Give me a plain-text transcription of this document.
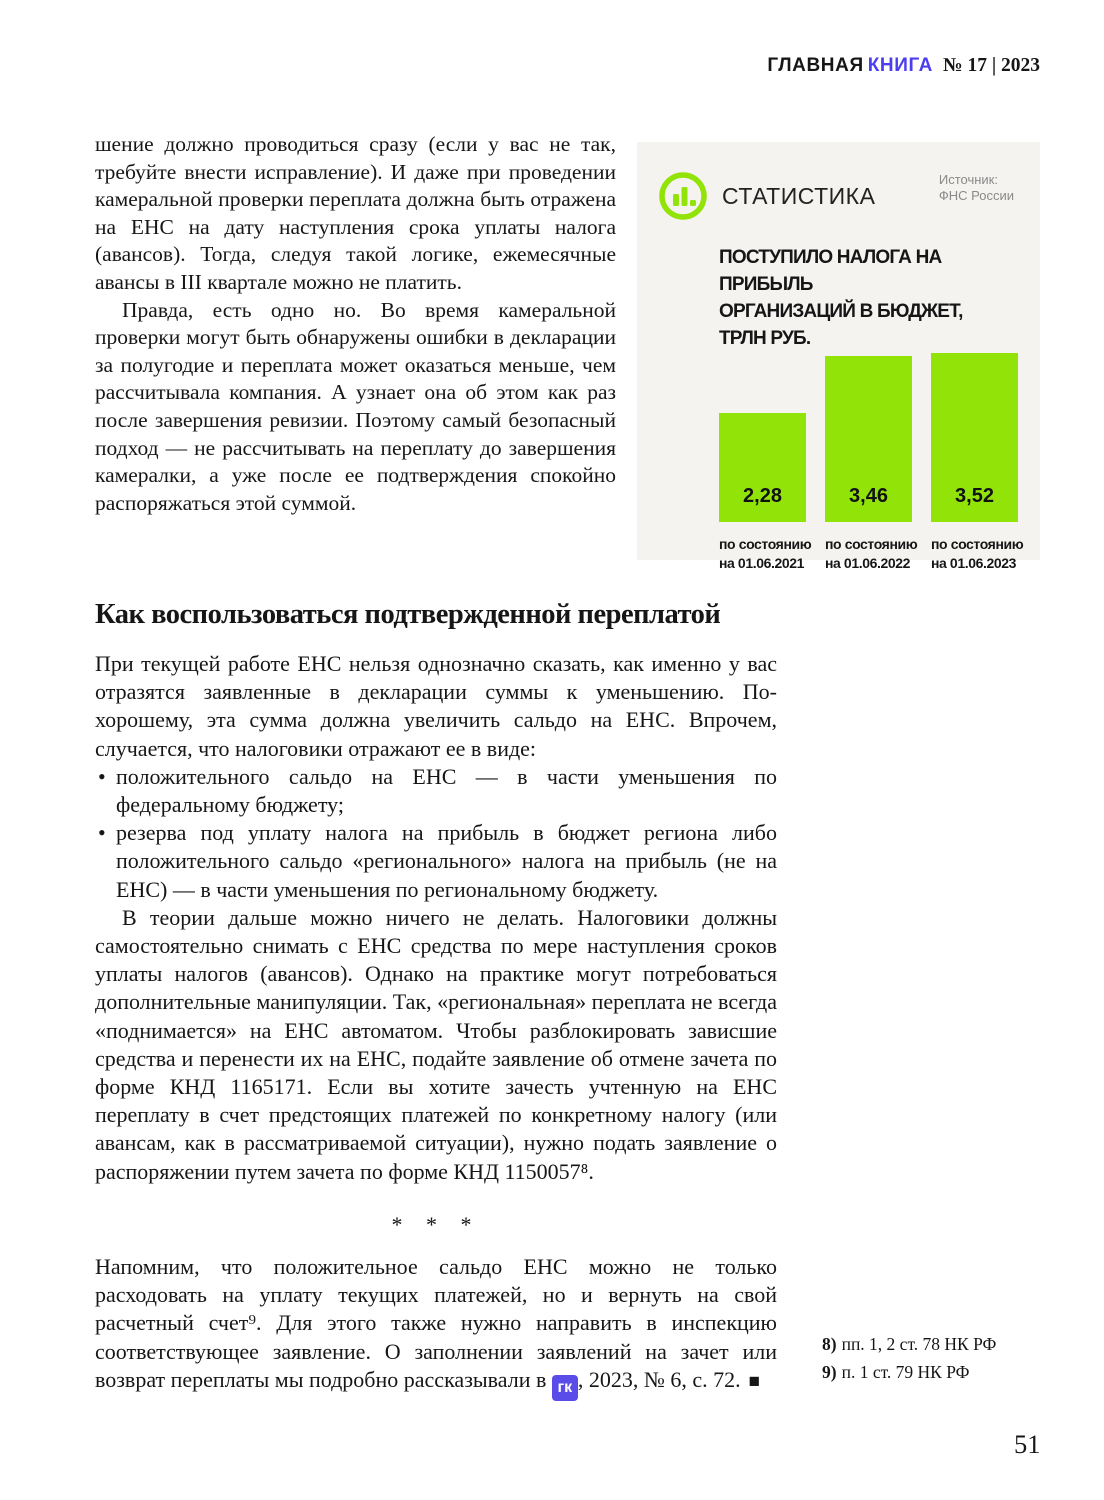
ГЛАВНАЯ КНИГА № 17 | 2023

шение должно проводиться сразу (если у вас не так, требуйте внести исправление). И даже при проведении камеральной проверки переплата должна быть отражена на ЕНС на дату наступления срока уплаты налога (авансов). Тогда, следуя такой логике, ежемесячные авансы в III квартале можно не платить.

Правда, есть одно но. Во время камеральной проверки могут быть обнаружены ошибки в декларации за полугодие и переплата может оказаться меньше, чем рассчитывала компания. А узнает она об этом как раз после завершения ревизии. Поэтому самый безопасный подход — не рассчитывать на переплату до завершения камералки, а уже после ее подтверждения спокойно распоряжаться этой суммой.

СТАТИСТИКА
Источник:
ФНС России
ПОСТУПИЛО НАЛОГА НА ПРИБЫЛЬ
ОРГАНИЗАЦИЙ В БЮДЖЕТ,
ТРЛН РУБ.
2,28	3,46	3,52
по состоянию
на 01.06.2021
по состоянию
на 01.06.2022
по состоянию
на 01.06.2023
Как воспользоваться подтвержденной переплатой

При текущей работе ЕНС нельзя однозначно сказать, как именно у вас отразятся заявленные в декларации суммы к уменьшению. По-хорошему, эта сумма должна увеличить сальдо на ЕНС. Впрочем, случается, что налоговики отражают ее в виде:

• положительного сальдо на ЕНС — в части уменьшения по федеральному бюджету;
• резерва под уплату налога на прибыль в бюджет региона либо положительного сальдо «регионального» налога на прибыль (не на ЕНС) — в части уменьшения по региональному бюджету.

В теории дальше можно ничего не делать. Налоговики должны самостоятельно снимать с ЕНС средства по мере наступления сроков уплаты налогов (авансов). Однако на практике могут потребоваться дополнительные манипуляции. Так, «региональная» переплата не всегда «поднимается» на ЕНС автоматом. Чтобы разблокировать зависшие средства и перенести их на ЕНС, подайте заявление об отмене зачета по форме КНД 1165171. Если вы хотите зачесть учтенную на ЕНС переплату в счет предстоящих платежей по конкретному налогу (или авансам, как в рассматриваемой ситуации), нужно подать заявление о распоряжении путем зачета по форме КНД 1150057⁸.

* * *

Напомним, что положительное сальдо ЕНС можно не только расходовать на уплату текущих платежей, но и вернуть на свой расчетный счет⁹. Для этого также нужно направить в инспекцию соответствующее заявление. О заполнении заявлений на зачет или возврат переплаты мы подробно рассказывали в гк , 2023, № 6, с. 72. ■

8) пп. 1, 2 ст. 78 НК РФ
9) п. 1 ст. 79 НК РФ
51
